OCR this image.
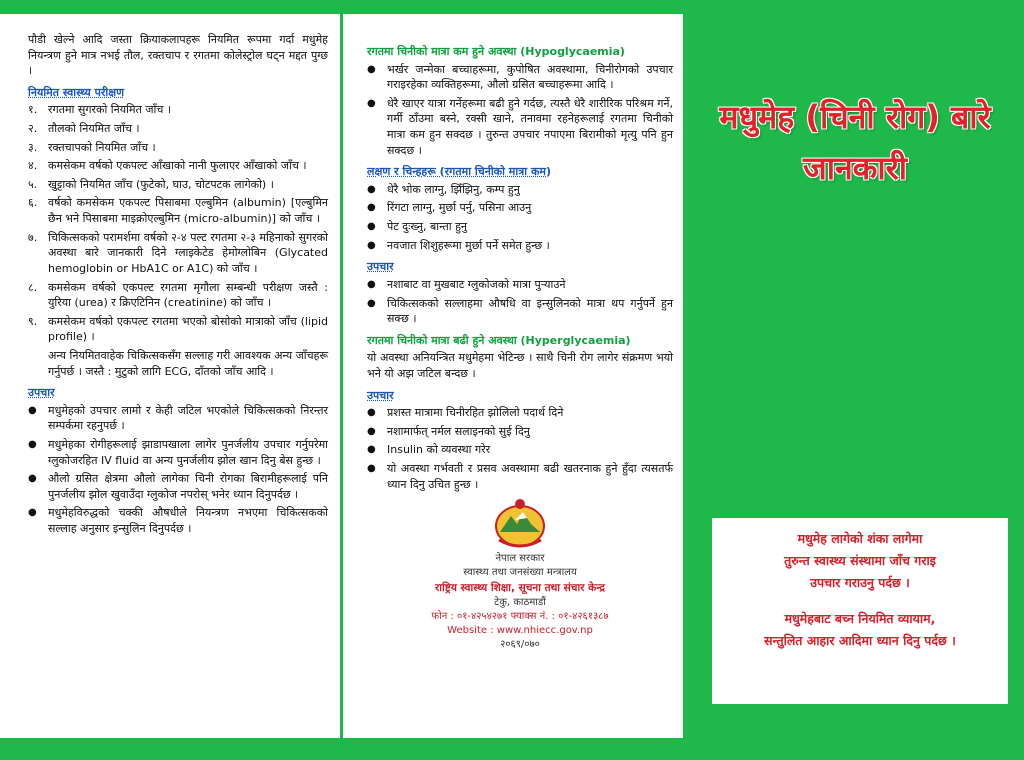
पौडी खेल्ने आदि जस्ता क्रियाकलापहरू नियमित रूपमा गर्दा मधुमेह नियन्त्रण हुने मात्र नभई तौल, रक्तचाप र रगतमा कोलेस्ट्रोल घट्न मद्दत पुग्छ ।

नियमित स्वास्थ्य परीक्षण
१. रगतमा सुगरको नियमित जाँच ।
२. तौलको नियमित जाँच ।
३. रक्तचापको नियमित जाँच ।
४. कमसेकम वर्षको एकपल्ट आँखाको नानी फुलाएर आँखाको जाँच ।
५. खुट्टाको नियमित जाँच (फुटेको, घाउ, चोटपटक लागेको) ।
६. वर्षको कमसेकम एकपल्ट पिसाबमा एल्बुमिन (albumin) [एल्बुमिन छैन भने पिसाबमा माइक्रोएल्बुमिन (micro-albumin)] को जाँच ।
७. चिकित्सकको परामर्शमा वर्षको २-४ पल्ट रगतमा २-३ महिनाको सुगरको अवस्था बारे जानकारी दिने ग्लाइकेटेड हेमोग्लोबिन (Glycated hemoglobin or HbA1C or A1C) को जाँच ।
८. कमसेकम वर्षको एकपल्ट रगतमा मृगौला सम्बन्धी परीक्षण जस्तै : युरिया (urea) र क्रिएटिनिन (creatinine) को जाँच ।
९. कमसेकम वर्षको एकपल्ट रगतमा भएको बोसोको मात्राको जाँच (lipid profile) ।

अन्य नियमितवाहेक चिकित्सकसँग सल्लाह गरी आवश्यक अन्य जाँचहरू गर्नुपर्छ । जस्तै : मुटुको लागि ECG, दाँतको जाँच आदि ।

उपचार
● मधुमेहको उपचार लामो र केही जटिल भएकोले चिकित्सकको निरन्तर सम्पर्कमा रहनुपर्छ ।
● मधुमेहका रोगीहरूलाई झाडापखाला लागेर पुनर्जलीय उपचार गर्नुपरेमा ग्लुकोजरहित IV fluid वा अन्य पुनर्जलीय झोल खान दिनु बेस हुन्छ ।
● औलो ग्रसित क्षेत्रमा औलो लागेका चिनी रोगका बिरामीहरूलाई पनि पुनर्जलीय झोल खुवाउँदा ग्लुकोज नपरोस् भनेर ध्यान दिनुपर्दछ ।
● मधुमेहविरुद्धको चक्की औषधीले नियन्त्रण नभएमा चिकित्सकको सल्लाह अनुसार इन्सुलिन दिनुपर्दछ ।
रगतमा चिनीको मात्रा कम हुने अवस्था (Hypoglycaemia)
● भर्खर जन्मेका बच्चाहरूमा, कुपोषित अवस्थामा, चिनीरोगको उपचार गराइरहेका व्यक्तिहरूमा, औलो ग्रसित बच्चाहरूमा आदि ।
● धेरै खाएर यात्रा गर्नेहरूमा बढी हुने गर्दछ, त्यस्तै धेरै शारीरिक परिश्रम गर्ने, गर्मी ठाँउमा बस्ने, रक्सी खाने, तनावमा रहनेहरूलाई रगतमा चिनीको मात्रा कम हुन सक्दछ । तुरुन्त उपचार नपाएमा बिरामीको मृत्यु पनि हुन सक्दछ ।
लक्षण र चिन्हहरू (रगतमा चिनीको मात्रा कम)
● धेरै भोक लाग्नु, झिँझिनु, कम्प हुनु
● रिंगटा लाग्नु, मुर्छा पर्नु, पसिना आउनु
● पेट दुःख्नु, बान्ता हुनु
● नवजात शिशुहरूमा मुर्छा पर्ने समेत हुन्छ ।
उपचार
● नशाबाट वा मुखबाट ग्लुकोजको मात्रा पुऱ्याउने
● चिकित्सकको सल्लाहमा औषधि वा इन्सुलिनको मात्रा थप गर्नुपर्ने हुन सक्छ ।
रगतमा चिनीको मात्रा बढी हुने अवस्था (Hyperglycaemia)

यो अवस्था अनियन्त्रित मधुमेहमा भेटिन्छ । साथै चिनी रोग लागेर संक्रमण भयो भने यो अझ जटिल बन्दछ ।

उपचार
● प्रशस्त मात्रामा चिनीरहित झोलिलो पदार्थ दिने
● नशामार्फत् नर्मल सलाइनको सुई दिनु
● Insulin को व्यवस्था गरेर
● यो अवस्था गर्भवती र प्रसव अवस्थामा बढी खतरनाक हुने हुँदा त्यसतर्फ ध्यान दिनु उचित हुन्छ ।
नेपाल सरकार
स्वास्थ्य तथा जनसंख्या मन्त्रालय
राष्ट्रिय स्वास्थ्य शिक्षा, सूचना तथा संचार केन्द्र
टेकु, काठमाडौं
फोन : ०१-४२५४२७१ फ्याक्स नं. : ०१-४२६१३८७
Website : www.nhiecc.gov.np
२०६९/०७०
मधुमेह (चिनी रोग) बारे
जानकारी
मधुमेह लागेको शंका लागेमा
तुरुन्त स्वास्थ्य संस्थामा जाँच गराइ
उपचार गराउनु पर्दछ ।
मधुमेहबाट बच्न नियमित व्यायाम,
सन्तुलित आहार आदिमा ध्यान दिनु पर्दछ ।
